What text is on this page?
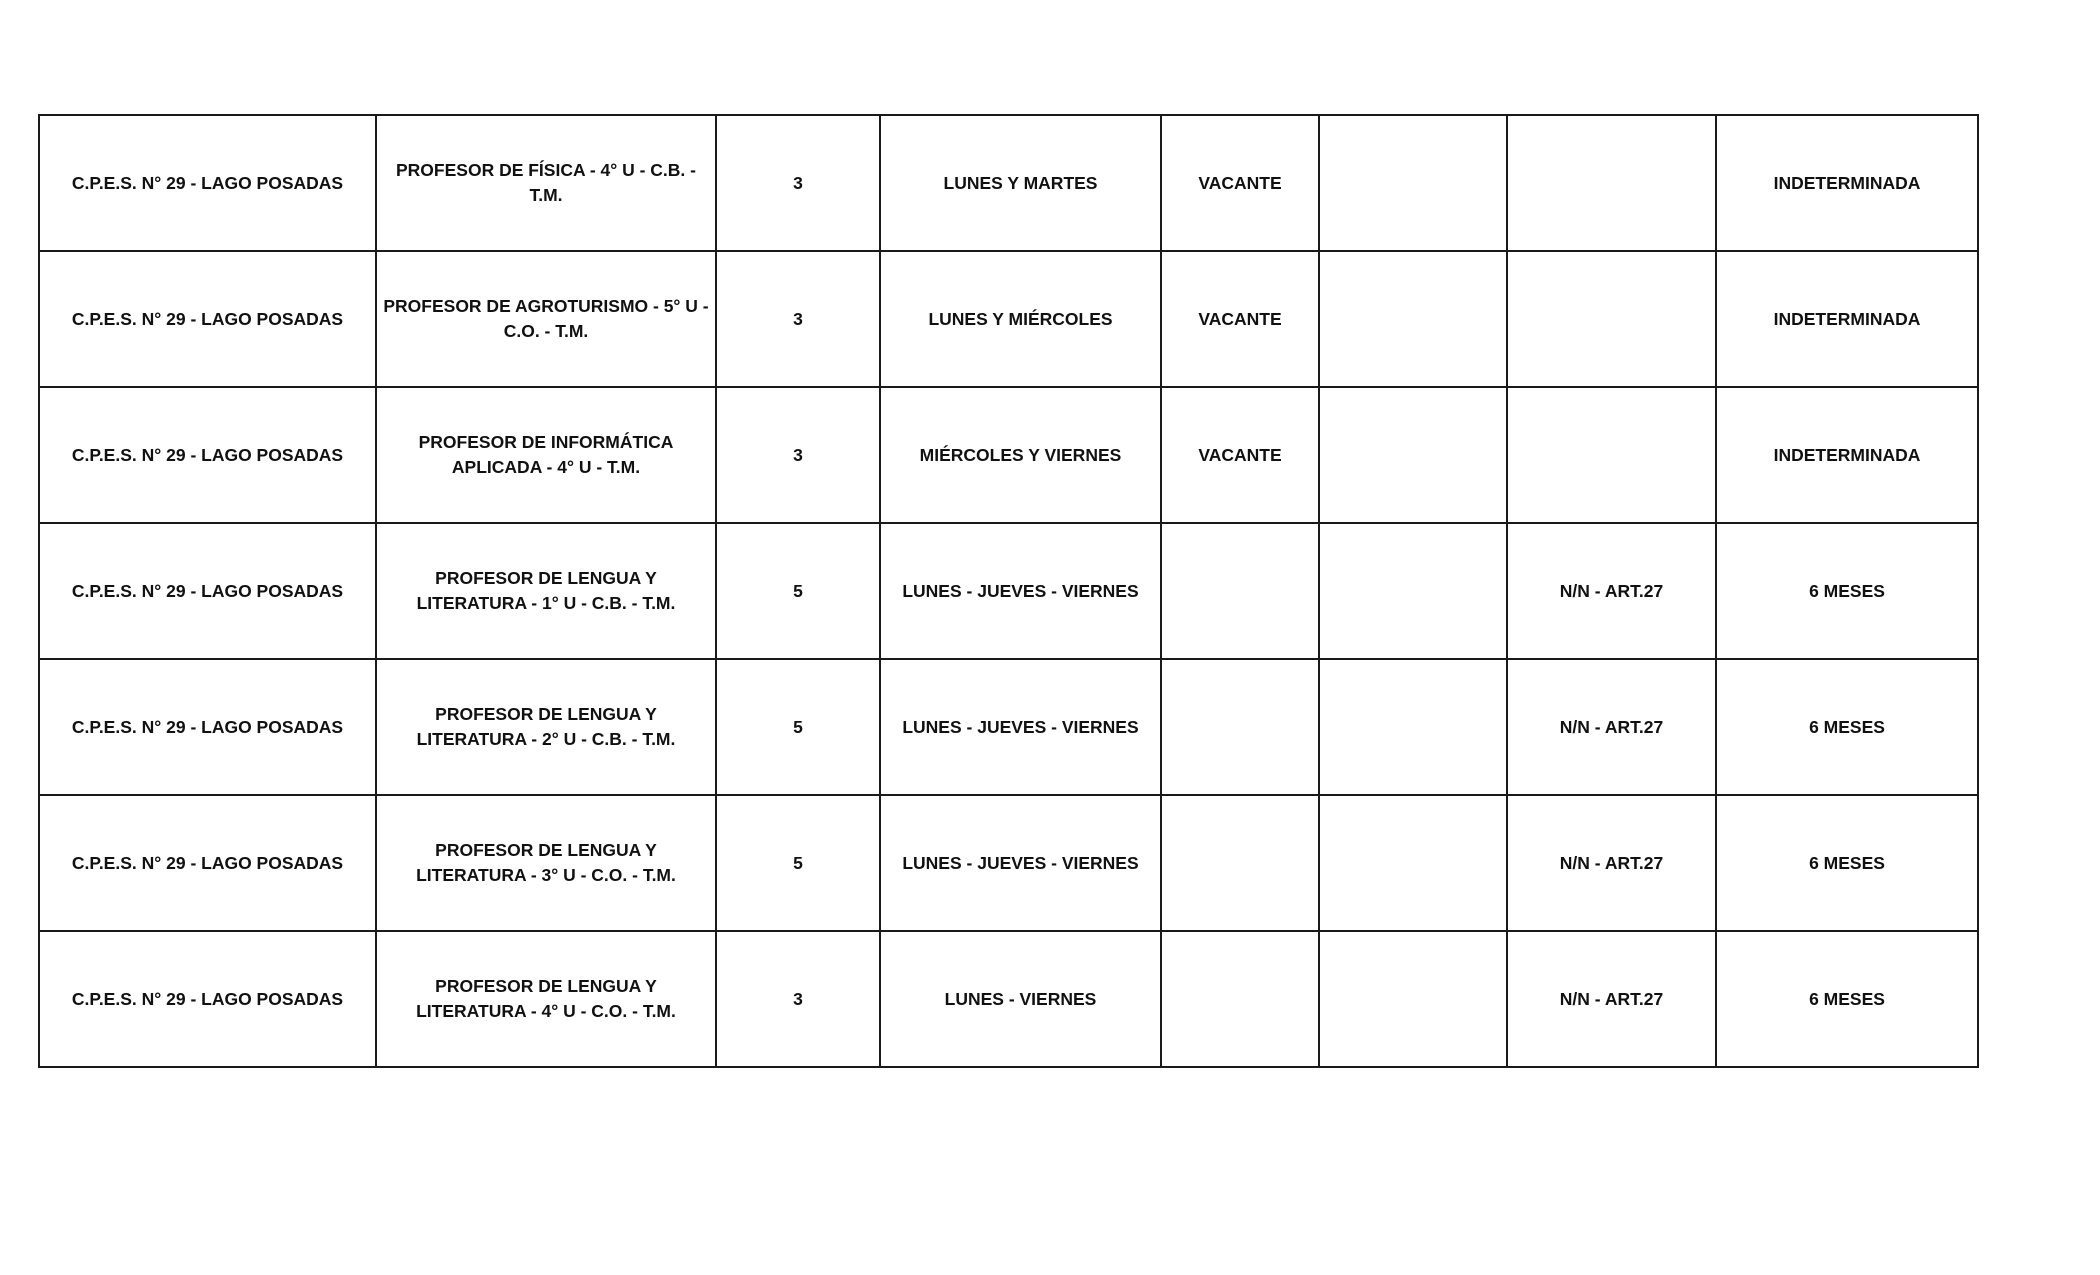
C.P.E.S. N° 29 - LAGO POSADAS	PROFESOR DE FÍSICA - 4° U - C.B. - T.M.	3	LUNES Y MARTES	VACANTE			INDETERMINADA
C.P.E.S. N° 29 - LAGO POSADAS	PROFESOR DE AGROTURISMO - 5° U - C.O. - T.M.	3	LUNES Y MIÉRCOLES	VACANTE			INDETERMINADA
C.P.E.S. N° 29 - LAGO POSADAS	PROFESOR DE INFORMÁTICA APLICADA - 4° U - T.M.	3	MIÉRCOLES Y VIERNES	VACANTE			INDETERMINADA
C.P.E.S. N° 29 - LAGO POSADAS	PROFESOR DE LENGUA Y LITERATURA - 1° U - C.B. - T.M.	5	LUNES - JUEVES - VIERNES			N/N - ART.27	6 MESES
C.P.E.S. N° 29 - LAGO POSADAS	PROFESOR DE LENGUA Y LITERATURA - 2° U - C.B. - T.M.	5	LUNES - JUEVES - VIERNES			N/N - ART.27	6 MESES
C.P.E.S. N° 29 - LAGO POSADAS	PROFESOR DE LENGUA Y LITERATURA - 3° U - C.O. - T.M.	5	LUNES - JUEVES - VIERNES			N/N - ART.27	6 MESES
C.P.E.S. N° 29 - LAGO POSADAS	PROFESOR DE LENGUA Y LITERATURA - 4° U - C.O. - T.M.	3	LUNES - VIERNES			N/N - ART.27	6 MESES
